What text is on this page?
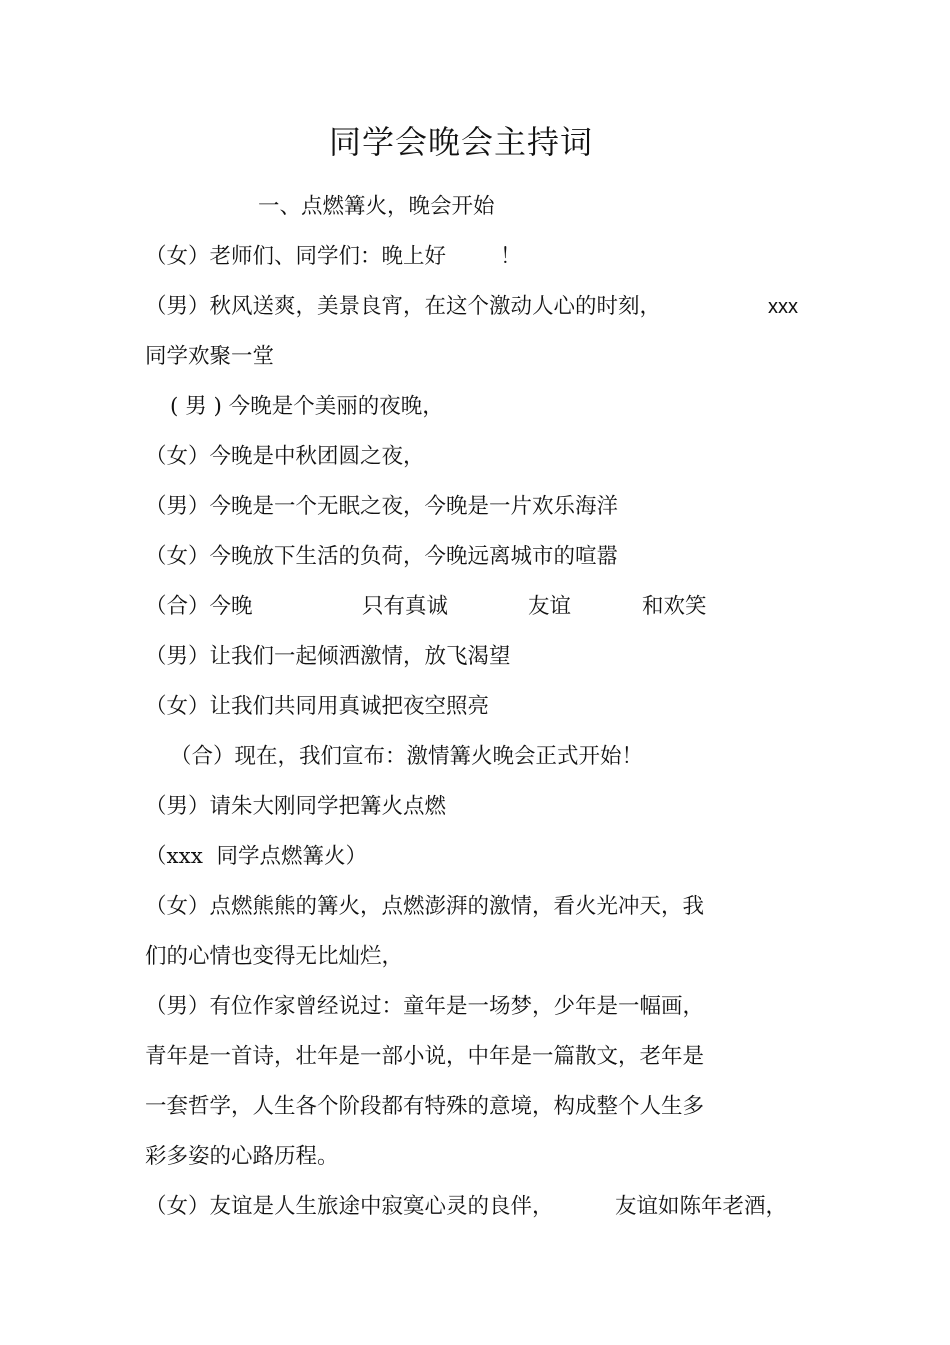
同学会晚会主持词
一、点燃篝火，晚会开始

（女）老师们、同学们：晚上好

	！

（男）秋风送爽，美景良宵，在这个激动人心的时刻，

	xxx

同学欢聚一堂
( 男 ) 今晚是个美丽的夜晚，
（女）今晚是中秋团圆之夜，
（男）今晚是一个无眠之夜，今晚是一片欢乐海洋
（女）今晚放下生活的负荷，今晚远离城市的喧嚣

（合）今晚

	只有真诚

	友谊

	和欢笑

（男）让我们一起倾洒激情，放飞渴望
（女）让我们共同用真诚把夜空照亮
（合）现在，我们宣布：激情篝火晚会正式开始！
（男）请朱大刚同学把篝火点燃
（xxx  同学点燃篝火）
（女）点燃熊熊的篝火，点燃澎湃的激情，看火光冲天，我
们的心情也变得无比灿烂，
（男）有位作家曾经说过：童年是一场梦，少年是一幅画，
青年是一首诗，壮年是一部小说，中年是一篇散文，老年是
一套哲学，人生各个阶段都有特殊的意境，构成整个人生多
彩多姿的心路历程。

（女）友谊是人生旅途中寂寞心灵的良伴，

	友谊如陈年老酒，
